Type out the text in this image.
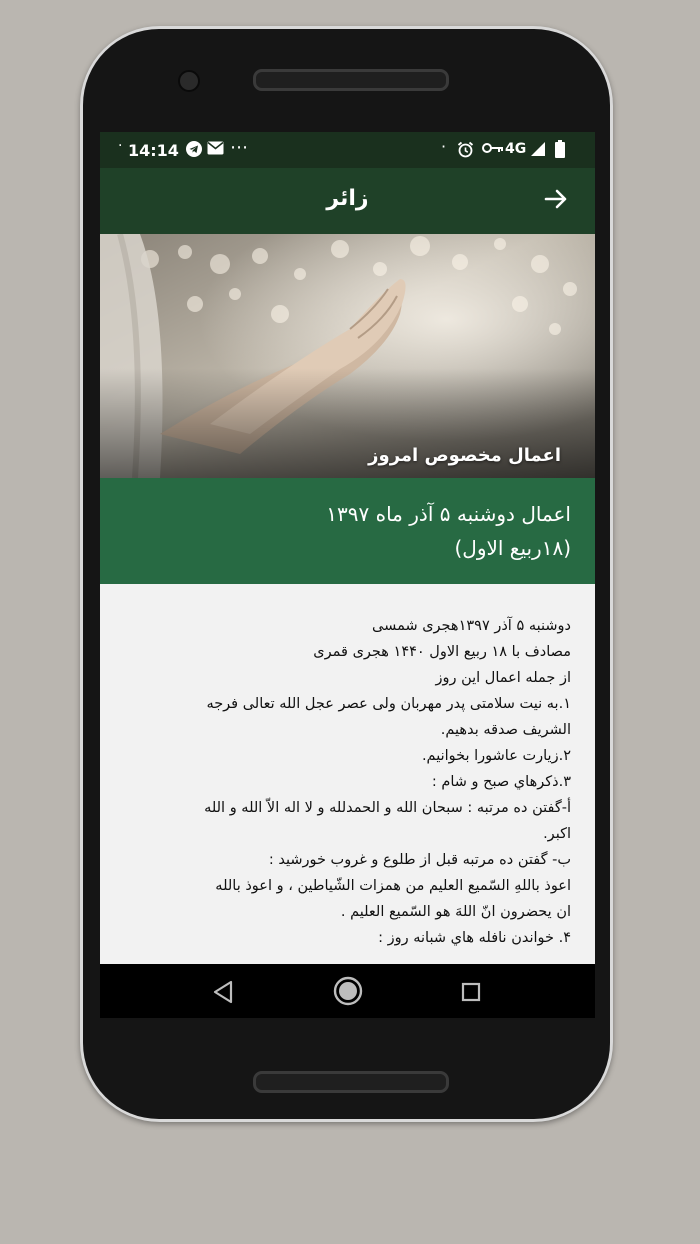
· 14:14	⋯	·	4G
زائر
اعمال مخصوص امروز
اعمال دوشنبه ۵ آذر ماه ۱۳۹۷
(۱۸ربیع الاول)

دوشنبه ۵ آذر ۱۳۹۷هجری شمسی

مصادف با ۱۸ ربیع الاول ۱۴۴۰ هجری قمری

از جمله اعمال این روز

۱.به نیت سلامتی پدر مهربان ولی عصر عجل الله تعالی فرجه

الشریف صدقه بدهیم.

۲.زیارت عاشورا بخوانیم.

۳.ذکرهاي صبح و شام :

أ-گفتن ده مرتبه : سبحان الله و الحمدلله و لا اله الاّ الله و الله

اکبر.

ب- گفتن ده مرتبه قبل از طلوع و غروب خورشید :

اعوذ باللهِ السّمیع العلیم من همزات الشّیاطین ، و اعوذ بالله

ان یحضرون انّ اللهَ هو السّمیع العلیم .

۴. خواندن نافله هاي شبانه روز :
